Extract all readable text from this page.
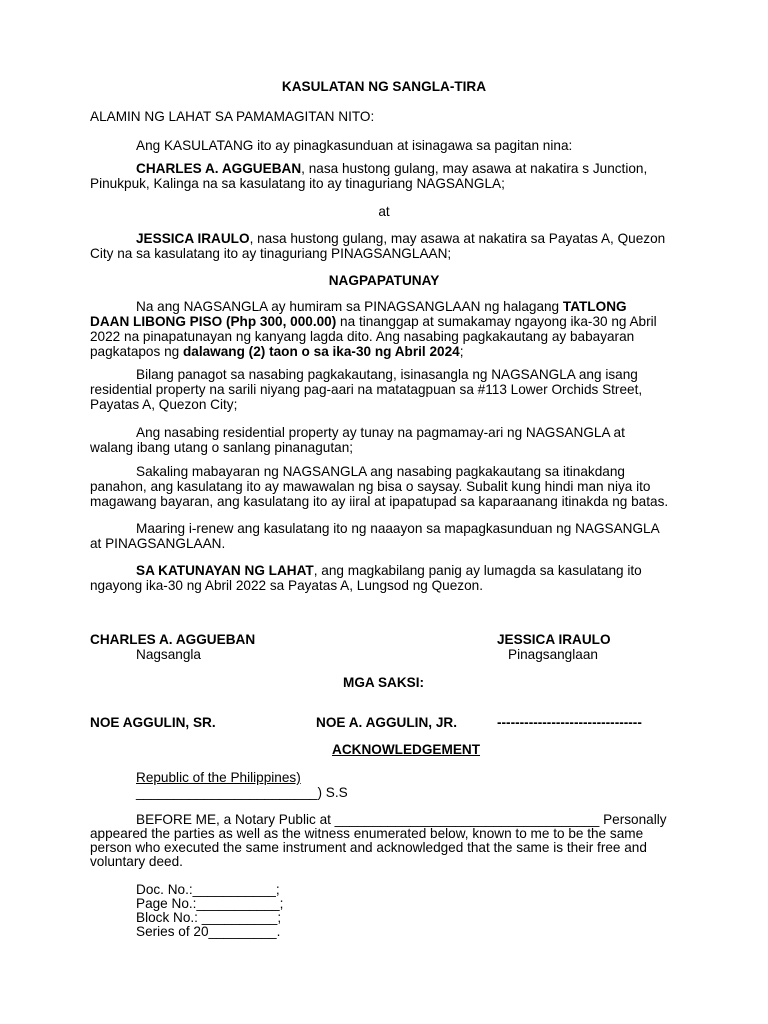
KASULATAN NG SANGLA-TIRA
ALAMIN NG LAHAT SA PAMAMAGITAN NITO:
Ang KASULATANG ito ay pinagkasunduan at isinagawa sa pagitan nina:
CHARLES A. AGGUEBAN, nasa hustong gulang, may asawa at nakatira s Junction,
Pinukpuk, Kalinga na sa kasulatang ito ay tinaguriang NAGSANGLA;
at
JESSICA IRAULO, nasa hustong gulang, may asawa at nakatira sa Payatas A, Quezon
City na sa kasulatang ito ay tinaguriang PINAGSANGLAAN;
NAGPAPATUNAY
Na ang NAGSANGLA ay humiram sa PINAGSANGLAAN ng halagang TATLONG
DAAN LIBONG PISO (Php 300, 000.00) na tinanggap at sumakamay ngayong ika-30 ng Abril
2022 na pinapatunayan ng kanyang lagda dito. Ang nasabing pagkakautang ay babayaran
pagkatapos ng dalawang (2) taon o sa ika-30 ng Abril 2024;
Bilang panagot sa nasabing pagkakautang, isinasangla ng NAGSANGLA ang isang
residential property na sarili niyang pag-aari na matatagpuan sa #113 Lower Orchids Street,
Payatas A, Quezon City;
Ang nasabing residential property ay tunay na pagmamay-ari ng NAGSANGLA at
walang ibang utang o sanlang pinanagutan;
Sakaling mabayaran ng NAGSANGLA ang nasabing pagkakautang sa itinakdang
panahon, ang kasulatang ito ay mawawalan ng bisa o saysay. Subalit kung hindi man niya ito
magawang bayaran, ang kasulatang ito ay iiral at ipapatupad sa kaparaanang itinakda ng batas.
Maaring i-renew ang kasulatang ito ng naaayon sa mapagkasunduan ng NAGSANGLA
at PINAGSANGLAAN.
SA KATUNAYAN NG LAHAT, ang magkabilang panig ay lumagda sa kasulatang ito
ngayong ika-30 ng Abril 2022 sa Payatas A, Lungsod ng Quezon.
CHARLES A. AGGUEBAN
Nagsangla
JESSICA IRAULO
Pinagsanglaan
MGA SAKSI:
NOE AGGULIN, SR.	NOE A. AGGULIN, JR.	--------------------------------
ACKNOWLEDGEMENT
Republic of the Philippines)
________________________) S.S
BEFORE ME, a Notary Public at ___________________________________ Personally
appeared the parties as well as the witness enumerated below, known to me to be the same
person who executed the same instrument and acknowledged that the same is their free and
voluntary deed.
Doc. No.:___________;
Page No.:___________;
Block No.: __________;
Series of 20_________.
